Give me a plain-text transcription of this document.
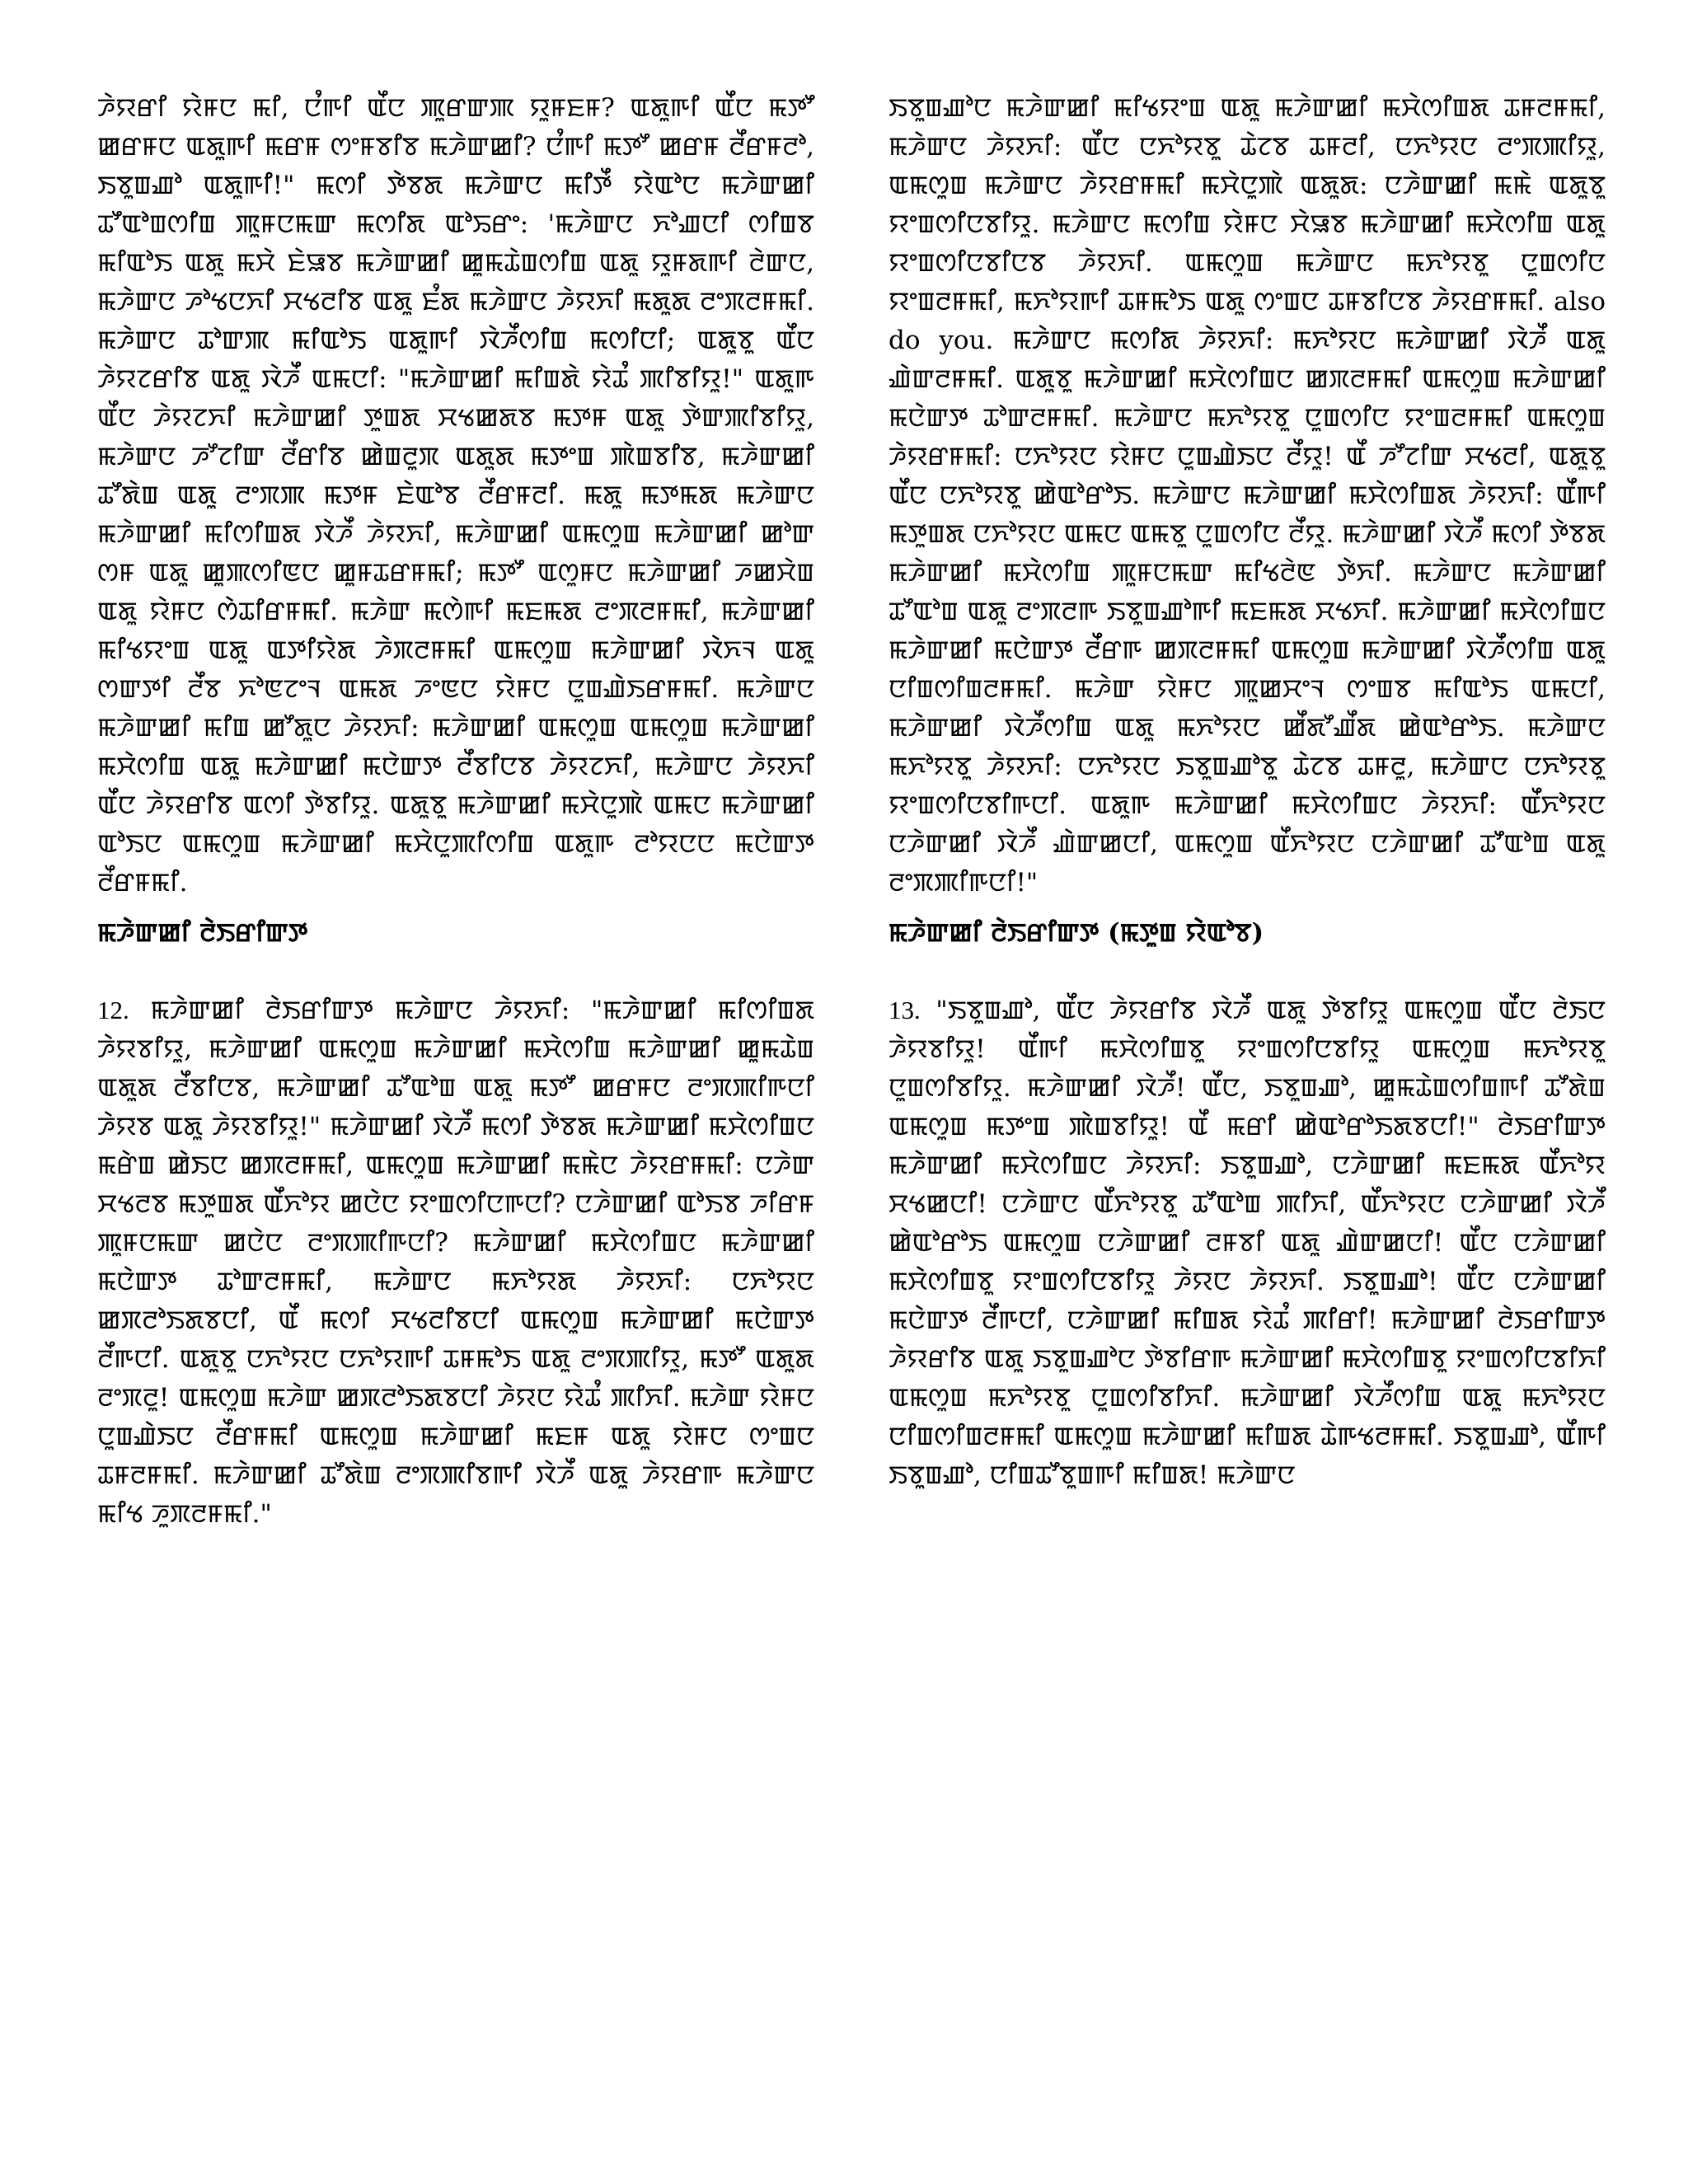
ꯍꯥꯌꯔꯤ ꯌꯥꯝꯅ ꯃꯤ, ꯅꯪꯒꯤ ꯑꯩꯅ ꯄꯨꯔꯛꯄ ꯌꯨꯝꯐꯝ? ꯑꯗꯨꯒꯤ ꯑꯩꯅ ꯃꯇꯧ ꯀꯔꯝꯅ ꯑꯗꯨꯒꯤ ꯃꯔꯝ ꯁꯦꯝꯕꯤꯕ ꯃꯍꯥꯛꯀꯤ? ꯅꯪꯒꯤ ꯃꯇꯧ ꯀꯔꯝ ꯂꯩꯔꯝꯂꯣ, ꯏꯕꯨꯡꯉꯣ ꯑꯗꯨꯒꯤ!" ꯃꯁꯤ ꯇꯥꯕꯗ ꯃꯍꯥꯛꯅ ꯃꯤꯇꯩ ꯌꯥꯑꯣꯅ ꯃꯍꯥꯛꯀꯤ ꯊꯧꯑꯣꯡꯁꯤꯡ ꯄꯨꯝꯅꯃꯛ ꯃꯁꯤꯗ ꯑꯣꯢꯔꯦ: 'ꯃꯍꯥꯛꯅ ꯈꯣꯉꯅꯤ ꯁꯤꯡꯕ ꯃꯤꯑꯣꯏ ꯑꯗꯨ ꯃꯆꯥ ꯐꯥꯎꯕ ꯃꯍꯥꯛꯀꯤ ꯀꯨꯃꯊꯥꯡꯁꯤꯡ ꯑꯗꯨ ꯌꯨꯝꯗꯒꯤ ꯂꯥꯛꯅ, ꯃꯍꯥꯛꯅ ꯍꯣꯠꯅꯈꯤ ꯆꯠꯂꯤꯕ ꯑꯗꯨ ꯐꯪꯗ ꯃꯍꯥꯛꯅ ꯍꯥꯌꯈꯤ ꯃꯗꯨꯗ ꯂꯦꯞꯂꯝꯃꯤ. ꯃꯍꯥꯛꯅ ꯊꯣꯛꯄ ꯃꯤꯑꯣꯏ ꯑꯗꯨꯒꯤ ꯋꯥꯍꯩꯁꯤꯡ ꯃꯁꯤꯅꯤ; ꯑꯗꯨꯕꯨ ꯑꯩꯅ ꯍꯥꯌꯖꯔꯤꯕ ꯑꯗꯨ ꯋꯥꯍꯩ ꯑꯃꯅꯤ: "ꯃꯍꯥꯛꯀꯤ ꯃꯤꯡꯗꯥ ꯌꯥꯊꯪ ꯄꯤꯕꯤꯌꯨ!" ꯑꯗꯨꯒ ꯑꯩꯅ ꯍꯥꯌꯖꯈꯤ ꯃꯍꯥꯛꯀꯤ ꯇꯨꯡꯗ ꯆꯠꯀꯗꯕ ꯃꯇꯝ ꯑꯗꯨ ꯇꯥꯛꯄꯤꯕꯤꯌꯨ, ꯃꯍꯥꯛꯅ ꯍꯧꯖꯤꯛ ꯂꯩꯔꯤꯕ ꯀꯥꯡꯂꯨꯞ ꯑꯗꯨꯗ ꯃꯇꯦꯡ ꯄꯥꯡꯕꯤꯕ, ꯃꯍꯥꯛꯀꯤ ꯊꯧꯗꯥꯡ ꯑꯗꯨ ꯂꯦꯞꯄ ꯃꯇꯝ ꯐꯥꯑꯣꯕ ꯂꯩꯔꯝꯂꯤ. ꯃꯗꯨ ꯃꯇꯃꯗ ꯃꯍꯥꯛꯅ ꯃꯍꯥꯛꯀꯤ ꯃꯤꯁꯤꯡꯗ ꯋꯥꯍꯩ ꯍꯥꯌꯈꯤ, ꯃꯍꯥꯛꯀꯤ ꯑꯃꯁꯨꯡ ꯃꯍꯥꯛꯀꯤ ꯀꯣꯛ ꯁꯝ ꯑꯗꯨ ꯀꯨꯄꯁꯤꯟꯅ ꯀꯨꯝꯊꯔꯝꯃꯤ; ꯃꯇꯧ ꯑꯁꯨꯝꯅ ꯃꯍꯥꯛꯀꯤ ꯍꯀꯆꯥꯡ ꯑꯗꯨ ꯌꯥꯝꯅ ꯁꯥꯊꯤꯔꯝꯃꯤ. ꯃꯍꯥꯛ ꯃꯁꯥꯒꯤ ꯃꯐꯃꯗ ꯂꯦꯞꯂꯝꯃꯤ, ꯃꯍꯥꯛꯀꯤ ꯃꯤꯠꯌꯦꯡ ꯑꯗꯨ ꯑꯇꯤꯌꯥꯗ ꯍꯥꯞꯂꯝꯃꯤ ꯑꯃꯁꯨꯡ ꯃꯍꯥꯛꯀꯤ ꯋꯥꯈꯜ ꯑꯗꯨ ꯁꯛꯇꯤ ꯂꯩꯕ ꯈꯣꯟꯖꯦꯜ ꯑꯃꯗ ꯍꯦꯟꯅ ꯌꯥꯝꯅ ꯅꯨꯡꯉꯥꯏꯔꯝꯃꯤ. ꯃꯍꯥꯛꯅ ꯃꯍꯥꯛꯀꯤ ꯃꯤꯡ ꯀꯧꯗꯨꯅ ꯍꯥꯌꯈꯤ: ꯃꯍꯥꯛꯀꯤ ꯑꯃꯁꯨꯡ ꯑꯃꯁꯨꯡ ꯃꯍꯥꯛꯀꯤ ꯃꯆꯥꯁꯤꯡ ꯑꯗꯨ ꯃꯍꯥꯛꯀꯤ ꯃꯅꯥꯛꯇ ꯂꯩꯕꯤꯅꯕ ꯍꯥꯌꯖꯈꯤ, ꯃꯍꯥꯛꯅ ꯍꯥꯌꯈꯤ ꯑꯩꯅ ꯍꯥꯌꯔꯤꯕ ꯑꯁꯤ ꯇꯥꯕꯤꯌꯨ. ꯑꯗꯨꯕꯨ ꯃꯍꯥꯛꯀꯤ ꯃꯆꯥꯅꯨꯄꯥ ꯑꯃꯅ ꯃꯍꯥꯛꯀꯤ ꯑꯣꯏꯅ ꯑꯃꯁꯨꯡ ꯃꯍꯥꯛꯀꯤ ꯃꯆꯥꯅꯨꯄꯤꯁꯤꯡ ꯑꯗꯨꯒ ꯂꯣꯌꯅꯅ ꯃꯅꯥꯛꯇ ꯂꯩꯔꯝꯃꯤ.

ꯃꯍꯥꯛꯀꯤ ꯂꯥꯏꯔꯤꯛꯇ

12. ꯃꯍꯥꯛꯀꯤ ꯂꯥꯏꯔꯤꯛꯇ ꯃꯍꯥꯛꯅ ꯍꯥꯌꯈꯤ: "ꯃꯍꯥꯛꯀꯤ ꯃꯤꯁꯤꯡꯗ ꯍꯥꯌꯕꯤꯌꯨ, ꯃꯍꯥꯛꯀꯤ ꯑꯃꯁꯨꯡ ꯃꯍꯥꯛꯀꯤ ꯃꯆꯥꯁꯤꯡ ꯃꯍꯥꯛꯀꯤ ꯀꯨꯃꯊꯥꯡ ꯑꯗꯨꯗ ꯂꯩꯕꯤꯅꯕ, ꯃꯍꯥꯛꯀꯤ ꯊꯧꯑꯣꯡ ꯑꯗꯨ ꯃꯇꯧ ꯀꯔꯝꯅ ꯂꯦꯞꯄꯤꯒꯅꯤ ꯍꯥꯌꯕ ꯑꯗꯨ ꯍꯥꯌꯕꯤꯌꯨ!" ꯃꯍꯥꯛꯀꯤ ꯋꯥꯍꯩ ꯃꯁꯤ ꯇꯥꯕꯗ ꯃꯍꯥꯛꯀꯤ ꯃꯆꯥꯁꯤꯡꯅ ꯃꯔꯥꯡ ꯀꯥꯏꯅ ꯀꯞꯂꯝꯃꯤ, ꯑꯃꯁꯨꯡ ꯃꯍꯥꯛꯀꯤ ꯃꯃꯥꯅ ꯍꯥꯌꯔꯝꯃꯤ: ꯅꯍꯥꯛ ꯆꯠꯂꯕ ꯃꯇꯨꯡꯗ ꯑꯩꯈꯣꯌ ꯀꯅꯥꯅ ꯌꯦꯡꯁꯤꯅꯒꯅꯤ? ꯅꯍꯥꯛꯀꯤ ꯑꯣꯏꯕ ꯍꯤꯔꯝ ꯄꯨꯝꯅꯃꯛ ꯀꯅꯥꯅ ꯂꯦꯞꯄꯤꯒꯅꯤ? ꯃꯍꯥꯛꯀꯤ ꯃꯆꯥꯁꯤꯡꯅ ꯃꯍꯥꯛꯀꯤ ꯃꯅꯥꯛꯇ ꯊꯣꯛꯂꯝꯃꯤ, ꯃꯍꯥꯛꯅ ꯃꯈꯣꯌꯗ ꯍꯥꯌꯈꯤ: ꯅꯈꯣꯌꯅ ꯀꯞꯂꯣꯏꯗꯕꯅꯤ, ꯑꯩ ꯃꯁꯤ ꯆꯠꯂꯤꯕꯅꯤ ꯑꯃꯁꯨꯡ ꯃꯍꯥꯛꯀꯤ ꯃꯅꯥꯛꯇ ꯂꯩꯒꯅꯤ. ꯑꯗꯨꯕꯨ ꯅꯈꯣꯌꯅ ꯅꯈꯣꯌꯒꯤ ꯊꯝꯃꯣꯏ ꯑꯗꯨ ꯂꯦꯞꯄꯤꯌꯨ, ꯃꯇꯧ ꯑꯗꯨꯗ ꯂꯦꯞꯂꯨ! ꯑꯃꯁꯨꯡ ꯃꯍꯥꯛ ꯀꯞꯂꯣꯏꯗꯕꯅꯤ ꯍꯥꯌꯅ ꯌꯥꯊꯪ ꯄꯤꯈꯤ. ꯃꯍꯥꯛ ꯌꯥꯝꯅ ꯅꯨꯡꯉꯥꯏꯅ ꯂꯩꯔꯝꯃꯤ ꯑꯃꯁꯨꯡ ꯃꯍꯥꯛꯀꯤ ꯃꯐꯝ ꯑꯗꯨ ꯌꯥꯝꯅ ꯁꯦꯡꯅ ꯊꯝꯂꯝꯃꯤ. ꯃꯍꯥꯛꯀꯤ ꯊꯧꯗꯥꯡ ꯂꯦꯞꯄꯤꯕꯒꯤ ꯋꯥꯍꯩ ꯑꯗꯨ ꯍꯥꯌꯔꯒ ꯃꯍꯥꯛꯅ ꯃꯤꯠ ꯍꯨꯞꯂꯝꯃꯤ."

ꯏꯕꯨꯡꯉꯣꯅ ꯃꯍꯥꯛꯀꯤ ꯃꯤꯠꯌꯦꯡ ꯑꯗꯨ ꯃꯍꯥꯛꯀꯤ ꯃꯆꯥꯁꯤꯡꯗ ꯊꯝꯂꯝꯃꯤ, ꯃꯍꯥꯛꯅ ꯍꯥꯌꯈꯤ: ꯑꯩꯅ ꯅꯈꯣꯌꯕꯨ ꯊꯥꯖꯕ ꯊꯝꯂꯤ, ꯅꯈꯣꯌꯅ ꯂꯦꯞꯄꯤꯌꯨ, ꯑꯃꯁꯨꯡ ꯃꯍꯥꯛꯅ ꯍꯥꯌꯔꯝꯃꯤ ꯃꯆꯥꯅꯨꯄꯥ ꯑꯗꯨꯗ: ꯅꯍꯥꯛꯀꯤ ꯃꯃꯥ ꯑꯗꯨꯕꯨ ꯌꯦꯡꯁꯤꯅꯕꯤꯌꯨ. ꯃꯍꯥꯛꯅ ꯃꯁꯤꯡ ꯌꯥꯝꯅ ꯆꯥꯎꯕ ꯃꯍꯥꯛꯀꯤ ꯃꯆꯥꯁꯤꯡ ꯑꯗꯨ ꯌꯦꯡꯁꯤꯅꯕꯤꯅꯕ ꯍꯥꯌꯈꯤ. ꯑꯃꯁꯨꯡ ꯃꯍꯥꯛꯅ ꯃꯈꯣꯌꯕꯨ ꯅꯨꯡꯁꯤꯅ ꯌꯦꯡꯂꯝꯃꯤ, ꯃꯈꯣꯌꯒꯤ ꯊꯝꯃꯣꯏ ꯑꯗꯨ ꯁꯦꯡꯅ ꯊꯝꯕꯤꯅꯕ ꯍꯥꯌꯔꯝꯃꯤ. also do you. ꯃꯍꯥꯛꯅ ꯃꯁꯤꯗ ꯍꯥꯌꯈꯤ: ꯃꯈꯣꯌꯅ ꯃꯍꯥꯛꯀꯤ ꯋꯥꯍꯩ ꯑꯗꯨ ꯉꯥꯛꯂꯝꯃꯤ. ꯑꯗꯨꯕꯨ ꯃꯍꯥꯛꯀꯤ ꯃꯆꯥꯁꯤꯡꯅ ꯀꯞꯂꯝꯃꯤ ꯑꯃꯁꯨꯡ ꯃꯍꯥꯛꯀꯤ ꯃꯅꯥꯛꯇ ꯊꯣꯛꯂꯝꯃꯤ. ꯃꯍꯥꯛꯅ ꯃꯈꯣꯌꯕꯨ ꯅꯨꯡꯁꯤꯅ ꯌꯦꯡꯂꯝꯃꯤ ꯑꯃꯁꯨꯡ ꯍꯥꯌꯔꯝꯃꯤ: ꯅꯈꯣꯌꯅ ꯌꯥꯝꯅ ꯅꯨꯡꯉꯥꯏꯅ ꯂꯩꯌꯨ! ꯑꯩ ꯍꯧꯖꯤꯛ ꯆꯠꯂꯤ, ꯑꯗꯨꯕꯨ ꯑꯩꯅ ꯅꯈꯣꯌꯕꯨ ꯀꯥꯑꯣꯔꯣꯏ. ꯃꯍꯥꯛꯅ ꯃꯍꯥꯛꯀꯤ ꯃꯆꯥꯁꯤꯡꯗ ꯍꯥꯌꯈꯤ: ꯑꯩꯒꯤ ꯃꯇꯨꯡꯗ ꯅꯈꯣꯌꯅ ꯑꯃꯅ ꯑꯃꯕꯨ ꯅꯨꯡꯁꯤꯅ ꯂꯩꯌꯨ. ꯃꯍꯥꯛꯀꯤ ꯋꯥꯍꯩ ꯃꯁꯤ ꯇꯥꯕꯗ ꯃꯍꯥꯛꯀꯤ ꯃꯆꯥꯁꯤꯡ ꯄꯨꯝꯅꯃꯛ ꯃꯤꯠꯂꯥꯟ ꯇꯥꯈꯤ. ꯃꯍꯥꯛꯅ ꯃꯍꯥꯛꯀꯤ ꯊꯧꯑꯣꯡ ꯑꯗꯨ ꯂꯦꯞꯂꯒ ꯏꯕꯨꯡꯉꯣꯒꯤ ꯃꯐꯃꯗ ꯆꯠꯈꯤ. ꯃꯍꯥꯛꯀꯤ ꯃꯆꯥꯁꯤꯡꯅ ꯃꯍꯥꯛꯀꯤ ꯃꯅꯥꯛꯇ ꯂꯩꯔꯒ ꯀꯞꯂꯝꯃꯤ ꯑꯃꯁꯨꯡ ꯃꯍꯥꯛꯀꯤ ꯋꯥꯍꯩꯁꯤꯡ ꯑꯗꯨ ꯅꯤꯡꯁꯤꯡꯂꯝꯃꯤ. ꯃꯍꯥꯛ ꯌꯥꯝꯅ ꯄꯨꯀꯆꯦꯜ ꯁꯦꯡꯕ ꯃꯤꯑꯣꯏ ꯑꯃꯅꯤ, ꯃꯍꯥꯛꯀꯤ ꯋꯥꯍꯩꯁꯤꯡ ꯑꯗꯨ ꯃꯈꯣꯌꯅ ꯀꯩꯗꯧꯉꯩꯗ ꯀꯥꯑꯣꯔꯣꯏ. ꯃꯍꯥꯛꯅ ꯃꯈꯣꯌꯕꯨ ꯍꯥꯌꯈꯤ: ꯅꯈꯣꯌꯅ ꯏꯕꯨꯡꯉꯣꯕꯨ ꯊꯥꯖꯕ ꯊꯝꯂꯨ, ꯃꯍꯥꯛꯅ ꯅꯈꯣꯌꯕꯨ ꯌꯦꯡꯁꯤꯅꯕꯤꯒꯅꯤ. ꯑꯗꯨꯒ ꯃꯍꯥꯛꯀꯤ ꯃꯆꯥꯁꯤꯡꯅ ꯍꯥꯌꯈꯤ: ꯑꯩꯈꯣꯌꯅ ꯅꯍꯥꯛꯀꯤ ꯋꯥꯍꯩ ꯉꯥꯛꯀꯅꯤ, ꯑꯃꯁꯨꯡ ꯑꯩꯈꯣꯌꯅ ꯅꯍꯥꯛꯀꯤ ꯊꯧꯑꯣꯡ ꯑꯗꯨ ꯂꯦꯞꯄꯤꯒꯅꯤ!"

ꯃꯍꯥꯛꯀꯤ ꯂꯥꯏꯔꯤꯛꯇ (ꯃꯇꯨꯡ ꯌꯥꯑꯣꯕ)

13. "ꯏꯕꯨꯡꯉꯣ, ꯑꯩꯅ ꯍꯥꯌꯔꯤꯕ ꯋꯥꯍꯩ ꯑꯗꯨ ꯇꯥꯕꯤꯌꯨ ꯑꯃꯁꯨꯡ ꯑꯩꯅ ꯂꯥꯏꯅ ꯍꯥꯌꯕꯤꯌꯨ! ꯑꯩꯒꯤ ꯃꯆꯥꯁꯤꯡꯕꯨ ꯌꯦꯡꯁꯤꯅꯕꯤꯌꯨ ꯑꯃꯁꯨꯡ ꯃꯈꯣꯌꯕꯨ ꯅꯨꯡꯁꯤꯕꯤꯌꯨ. ꯃꯍꯥꯛꯀꯤ ꯋꯥꯍꯩ! ꯑꯩꯅ, ꯏꯕꯨꯡꯉꯣ, ꯀꯨꯃꯊꯥꯡꯁꯤꯡꯒꯤ ꯊꯧꯗꯥꯡ ꯑꯃꯁꯨꯡ ꯃꯇꯦꯡ ꯄꯥꯡꯕꯤꯌꯨ! ꯑꯩ ꯃꯔꯤ ꯀꯥꯑꯣꯔꯣꯏꯗꯕꯅꯤ!" ꯂꯥꯏꯔꯤꯛꯇ ꯃꯍꯥꯛꯀꯤ ꯃꯆꯥꯁꯤꯡꯅ ꯍꯥꯌꯈꯤ: ꯏꯕꯨꯡꯉꯣ, ꯅꯍꯥꯛꯀꯤ ꯃꯐꯃꯗ ꯑꯩꯈꯣꯌ ꯆꯠꯀꯅꯤ! ꯅꯍꯥꯛꯅ ꯑꯩꯈꯣꯌꯕꯨ ꯊꯧꯑꯣꯡ ꯄꯤꯈꯤ, ꯑꯩꯈꯣꯌꯅ ꯅꯍꯥꯛꯀꯤ ꯋꯥꯍꯩ ꯀꯥꯑꯣꯔꯣꯏ ꯑꯃꯁꯨꯡ ꯅꯍꯥꯛꯀꯤ ꯂꯝꯕꯤ ꯑꯗꯨ ꯉꯥꯛꯀꯅꯤ! ꯑꯩꯅ ꯅꯍꯥꯛꯀꯤ ꯃꯆꯥꯁꯤꯡꯕꯨ ꯌꯦꯡꯁꯤꯅꯕꯤꯌꯨ ꯍꯥꯌꯅ ꯍꯥꯌꯈꯤ. ꯏꯕꯨꯡꯉꯣ! ꯑꯩꯅ ꯅꯍꯥꯛꯀꯤ ꯃꯅꯥꯛꯇ ꯂꯩꯒꯅꯤ, ꯅꯍꯥꯛꯀꯤ ꯃꯤꯡꯗ ꯌꯥꯊꯪ ꯄꯤꯔꯤ! ꯃꯍꯥꯛꯀꯤ ꯂꯥꯏꯔꯤꯛꯇ ꯍꯥꯌꯔꯤꯕ ꯑꯗꯨ ꯏꯕꯨꯡꯉꯣꯅ ꯇꯥꯕꯤꯔꯒ ꯃꯍꯥꯛꯀꯤ ꯃꯆꯥꯁꯤꯡꯕꯨ ꯌꯦꯡꯁꯤꯅꯕꯤꯈꯤ ꯑꯃꯁꯨꯡ ꯃꯈꯣꯌꯕꯨ ꯅꯨꯡꯁꯤꯕꯤꯈꯤ. ꯃꯍꯥꯛꯀꯤ ꯋꯥꯍꯩꯁꯤꯡ ꯑꯗꯨ ꯃꯈꯣꯌꯅ ꯅꯤꯡꯁꯤꯡꯂꯝꯃꯤ ꯑꯃꯁꯨꯡ ꯃꯍꯥꯛꯀꯤ ꯃꯤꯡꯗ ꯊꯥꯒꯠꯂꯝꯃꯤ. ꯏꯕꯨꯡꯉꯣ, ꯑꯩꯒꯤ ꯏꯕꯨꯡꯉꯣ, ꯅꯤꯡꯊꯧꯕꯨꯡꯒꯤ ꯃꯤꯡꯗ! ꯃꯍꯥꯛꯅ
